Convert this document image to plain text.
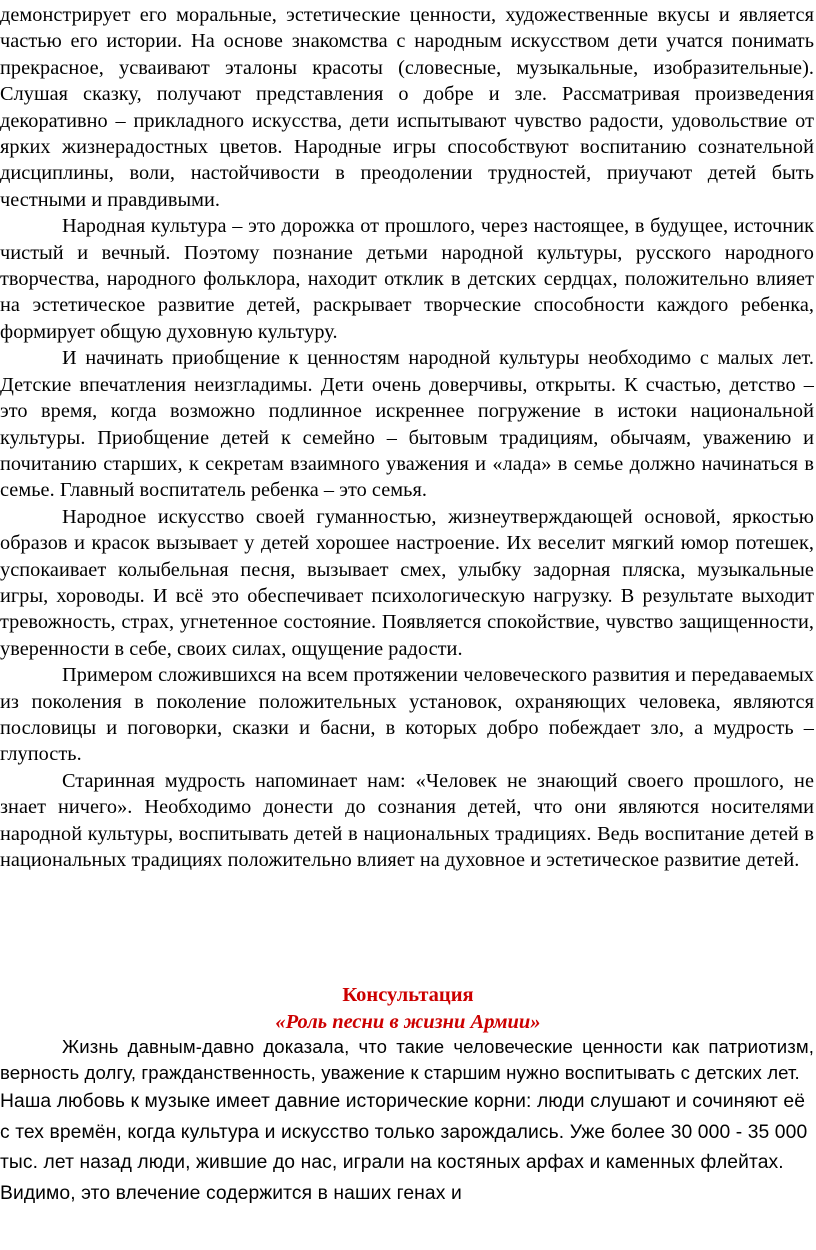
демонстрирует его моральные, эстетические ценности, художественные вкусы и является частью его истории. На основе знакомства с народным искусством дети учатся понимать прекрасное, усваивают эталоны красоты (словесные, музыкальные, изобразительные). Слушая сказку, получают представления о добре и зле. Рассматривая произведения декоративно – прикладного искусства, дети испытывают чувство радости, удовольствие от ярких жизнерадостных цветов. Народные игры способствуют воспитанию сознательной дисциплины, воли, настойчивости в преодолении трудностей, приучают детей быть честными и правдивыми.

Народная культура – это дорожка от прошлого, через настоящее, в будущее, источник чистый и вечный. Поэтому познание детьми народной культуры, русского народного творчества, народного фольклора, находит отклик в детских сердцах, положительно влияет на эстетическое развитие детей, раскрывает творческие способности каждого ребенка, формирует общую духовную культуру.

И начинать приобщение к ценностям народной культуры необходимо с малых лет. Детские впечатления неизгладимы. Дети очень доверчивы, открыты. К счастью, детство – это время, когда возможно подлинное искреннее погружение в истоки национальной культуры. Приобщение детей к семейно – бытовым традициям, обычаям, уважению и почитанию старших, к секретам взаимного уважения и «лада» в семье должно начинаться в семье. Главный воспитатель ребенка – это семья.

Народное искусство своей гуманностью, жизнеутверждающей основой, яркостью образов и красок вызывает у детей хорошее настроение. Их веселит мягкий юмор потешек, успокаивает колыбельная песня, вызывает смех, улыбку задорная пляска, музыкальные игры, хороводы. И всё это обеспечивает психологическую нагрузку. В результате выходит тревожность, страх, угнетенное состояние. Появляется спокойствие, чувство защищенности, уверенности в себе, своих силах, ощущение радости.

Примером сложившихся на всем протяжении человеческого развития и передаваемых из поколения в поколение положительных установок, охраняющих человека, являются пословицы и поговорки, сказки и басни, в которых добро побеждает зло, а мудрость – глупость.

Старинная мудрость напоминает нам: «Человек не знающий своего прошлого, не знает ничего». Необходимо донести до сознания детей, что они являются носителями народной культуры, воспитывать детей в национальных традициях. Ведь воспитание детей в национальных традициях положительно влияет на духовное и эстетическое развитие детей.

Консультация

«Роль песни в жизни Армии»

Жизнь давным-давно доказала, что такие человеческие ценности как патриотизм, верность долгу, гражданственность, уважение к старшим нужно воспитывать с детских лет.

Наша любовь к музыке имеет давние исторические корни: люди слушают и сочиняют её с тех времён, когда культура и искусство только зарождались. Уже более 30 000 - 35 000 тыс. лет назад люди, жившие до нас, играли на костяных арфах и каменных флейтах. Видимо, это влечение содержится в наших генах и
